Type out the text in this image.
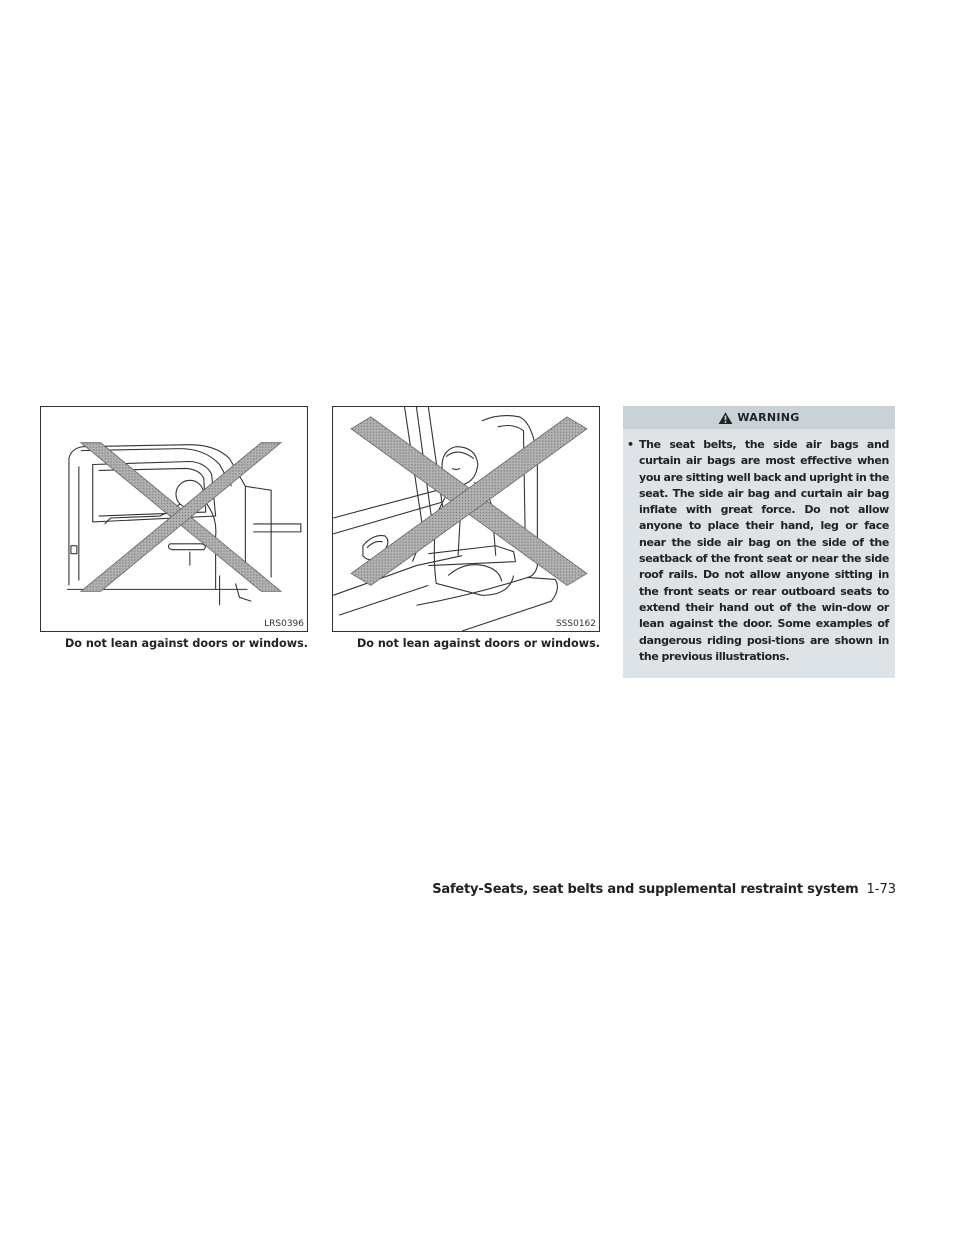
LRS0396	SSS0162
Do not lean against doors or windows.	Do not lean against doors or windows.
WARNING
• The seat belts, the side air bags and curtain air bags are most effective when you are sitting well back and upright in the seat. The side air bag and curtain air bag inflate with great force. Do not allow anyone to place their hand, leg or face near the side air bag on the side of the seatback of the front seat or near the side roof rails. Do not allow anyone sitting in the front seats or rear outboard seats to extend their hand out of the win-dow or lean against the door. Some examples of dangerous riding posi-tions are shown in the previous illustrations.

Safety-Seats, seat belts and supplemental restraint system 1-73
